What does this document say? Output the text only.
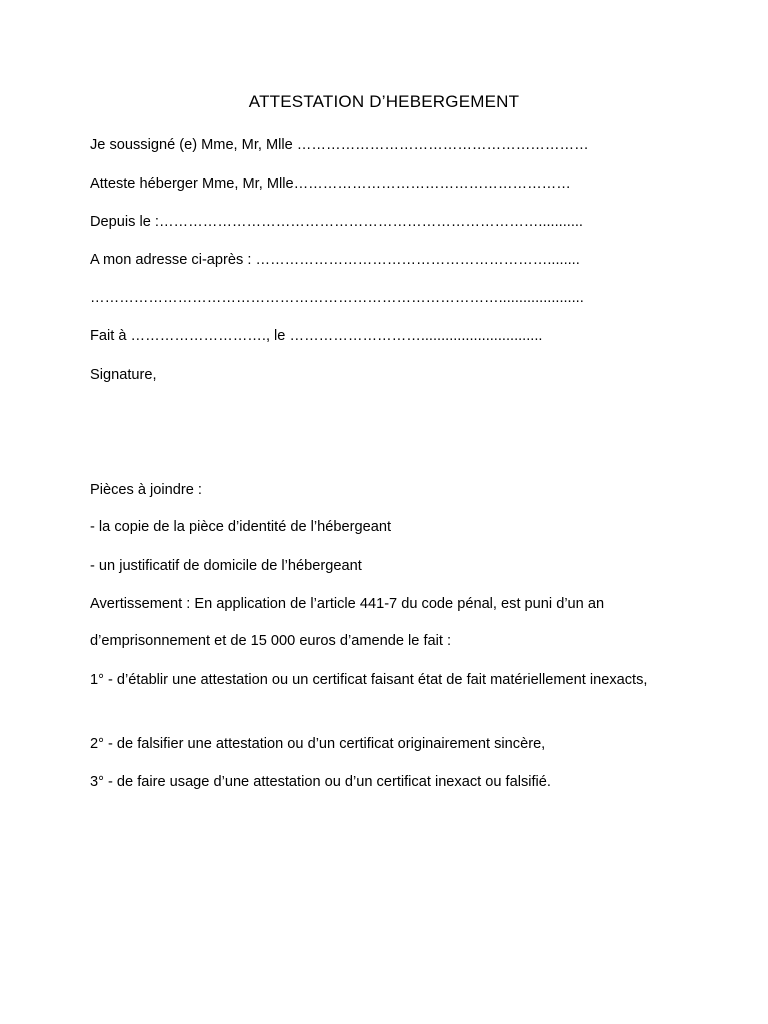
ATTESTATION D’HEBERGEMENT
Je soussigné (e) Mme, Mr, Mlle ……………………………………………………
Atteste héberger Mme, Mr, Mlle…………………………………………………
Depuis le :……………………………………………………………………...........
A mon adresse ci-après : ……………………………………………………........
………………………………………………………………………….....................
Fait à ………………………., le ………………………..............................
Signature,
Pièces à joindre :
- la copie de la pièce d’identité de l’hébergeant
- un justificatif de domicile de l’hébergeant
Avertissement : En application de l’article 441-7 du code pénal, est puni d’un an
d’emprisonnement et de 15 000 euros d’amende le fait :
1° - d’établir une attestation ou un certificat faisant état de fait matériellement inexacts,
2° - de falsifier une attestation ou d’un certificat originairement sincère,
3° - de faire usage d’une attestation ou d’un certificat inexact ou falsifié.
